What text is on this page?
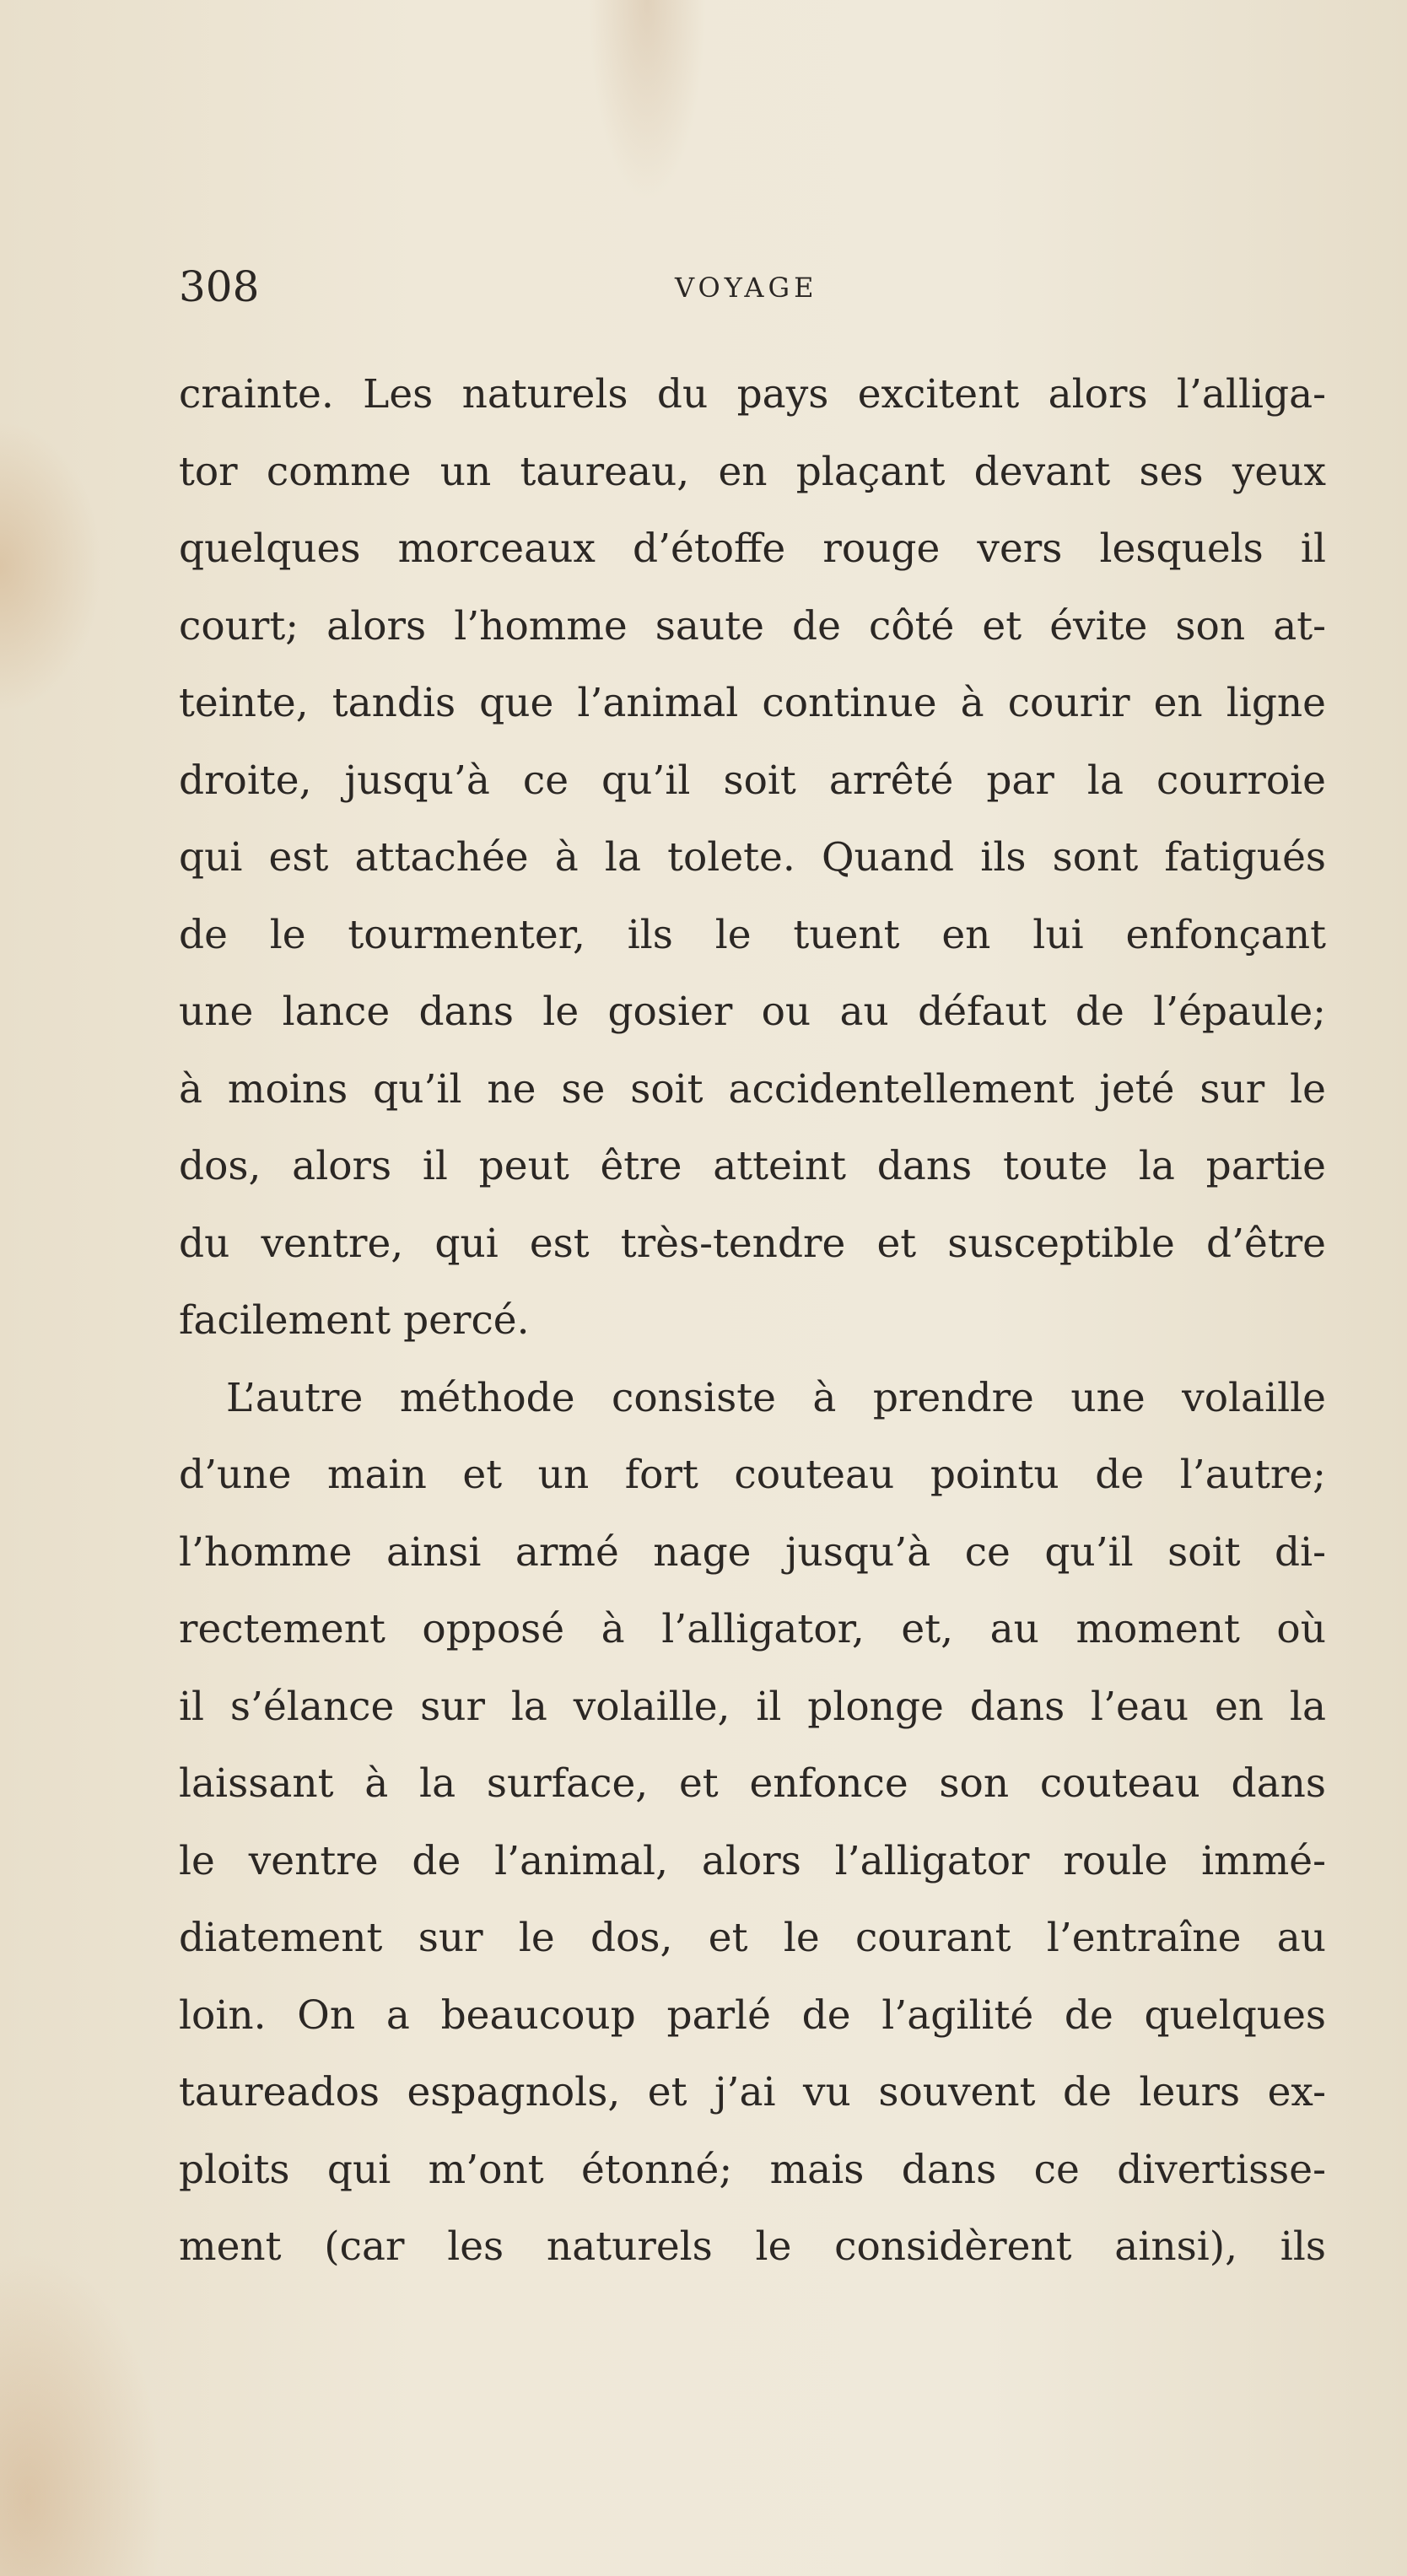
308	VOYAGE
crainte. Les naturels du pays excitent alors l’alliga-
tor comme un taureau, en plaçant devant ses yeux
quelques morceaux d’étoffe rouge vers lesquels il
court; alors l’homme saute de côté et évite son at-
teinte, tandis que l’animal continue à courir en ligne
droite, jusqu’à ce qu’il soit arrêté par la courroie
qui est attachée à la tolete. Quand ils sont fatigués
de le tourmenter, ils le tuent en lui enfonçant
une lance dans le gosier ou au défaut de l’épaule;
à moins qu’il ne se soit accidentellement jeté sur le
dos, alors il peut être atteint dans toute la partie
du ventre, qui est très-tendre et susceptible d’être
facilement percé.
L’autre méthode consiste à prendre une volaille
d’une main et un fort couteau pointu de l’autre;
l’homme ainsi armé nage jusqu’à ce qu’il soit di-
rectement opposé à l’alligator, et, au moment où
il s’élance sur la volaille, il plonge dans l’eau en la
laissant à la surface, et enfonce son couteau dans
le ventre de l’animal, alors l’alligator roule immé-
diatement sur le dos, et le courant l’entraîne au
loin. On a beaucoup parlé de l’agilité de quelques
taureados espagnols, et j’ai vu souvent de leurs ex-
ploits qui m’ont étonné; mais dans ce divertisse-
ment (car les naturels le considèrent ainsi), ils
